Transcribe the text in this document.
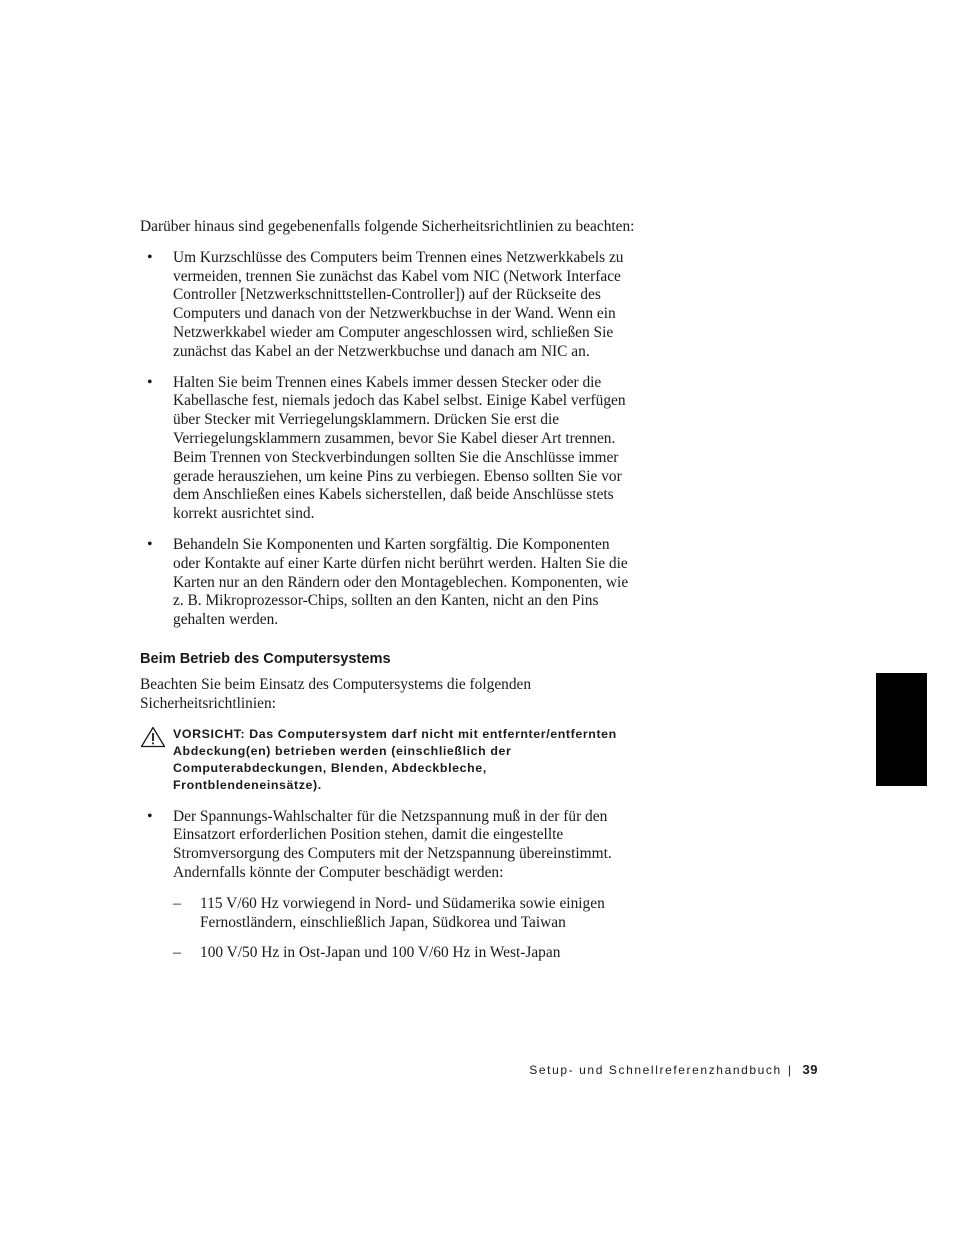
Darüber hinaus sind gegebenenfalls folgende Sicherheitsrichtlinien zu beachten:

• Um Kurzschlüsse des Computers beim Trennen eines Netzwerkkabels zu vermeiden, trennen Sie zunächst das Kabel vom NIC (Network Interface Controller [Netzwerkschnittstellen-Controller]) auf der Rückseite des Computers und danach von der Netzwerkbuchse in der Wand. Wenn ein Netzwerkkabel wieder am Computer angeschlossen wird, schließen Sie zunächst das Kabel an der Netzwerkbuchse und danach am NIC an.

• Halten Sie beim Trennen eines Kabels immer dessen Stecker oder die Kabellasche fest, niemals jedoch das Kabel selbst. Einige Kabel verfügen über Stecker mit Verriegelungsklammern. Drücken Sie erst die Verriegelungsklammern zusammen, bevor Sie Kabel dieser Art trennen. Beim Trennen von Steckverbindungen sollten Sie die Anschlüsse immer gerade herausziehen, um keine Pins zu verbiegen. Ebenso sollten Sie vor dem Anschließen eines Kabels sicherstellen, daß beide Anschlüsse stets korrekt ausrichtet sind.

• Behandeln Sie Komponenten und Karten sorgfältig. Die Komponenten oder Kontakte auf einer Karte dürfen nicht berührt werden. Halten Sie die Karten nur an den Rändern oder den Montageblechen. Komponenten, wie z. B. Mikroprozessor-Chips, sollten an den Kanten, nicht an den Pins gehalten werden.

Beim Betrieb des Computersystems

Beachten Sie beim Einsatz des Computersystems die folgenden Sicherheitsrichtlinien:

VORSICHT: Das Computersystem darf nicht mit entfernter/entfernten Abdeckung(en) betrieben werden (einschließlich der Computerabdeckungen, Blenden, Abdeckbleche, Frontblendeneinsätze).
• Der Spannungs-Wahlschalter für die Netzspannung muß in der für den Einsatzort erforderlichen Position stehen, damit die eingestellte Stromversorgung des Computers mit der Netzspannung übereinstimmt. Andernfalls könnte der Computer beschädigt werden:

– 115 V/60 Hz vorwiegend in Nord- und Südamerika sowie einigen Fernostländern, einschließlich Japan, Südkorea und Taiwan

– 100 V/50 Hz in Ost-Japan und 100 V/60 Hz in West-Japan

Setup- und Schnellreferenzhandbuch | 39
